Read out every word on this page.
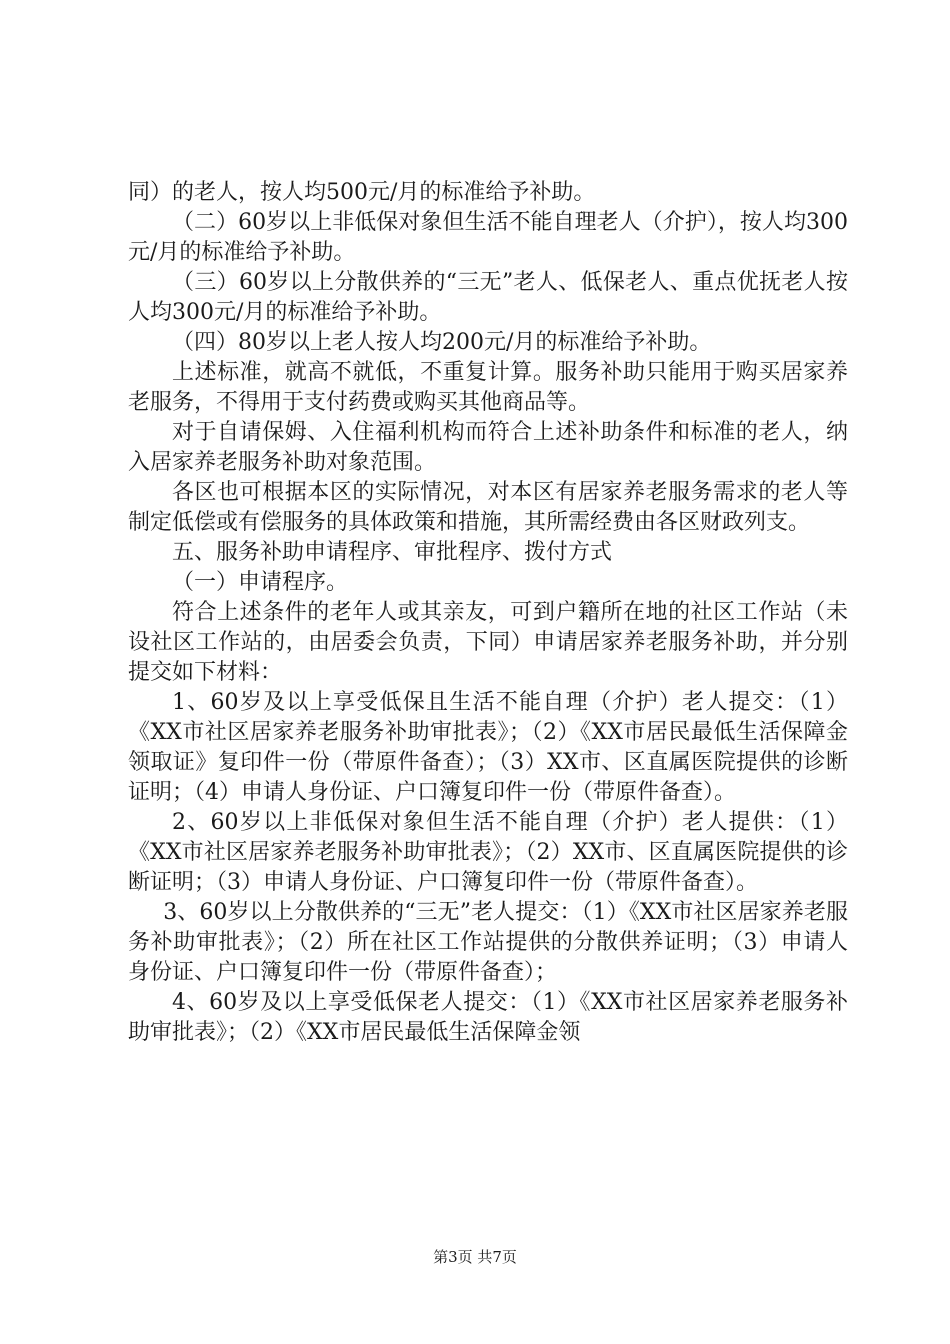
同）的老人，按人均500元/月的标准给予补助。

（二）60岁以上非低保对象但生活不能自理老人（介护），按人均300元/月的标准给予补助。

（三）60岁以上分散供养的“三无”老人、低保老人、重点优抚老人按人均300元/月的标准给予补助。

（四）80岁以上老人按人均200元/月的标准给予补助。

上述标准，就高不就低，不重复计算。服务补助只能用于购买居家养老服务，不得用于支付药费或购买其他商品等。

对于自请保姆、入住福利机构而符合上述补助条件和标准的老人，纳入居家养老服务补助对象范围。

各区也可根据本区的实际情况，对本区有居家养老服务需求的老人等制定低偿或有偿服务的具体政策和措施，其所需经费由各区财政列支。

五、服务补助申请程序、审批程序、拨付方式

（一）申请程序。

符合上述条件的老年人或其亲友，可到户籍所在地的社区工作站（未设社区工作站的，由居委会负责，下同）申请居家养老服务补助，并分别提交如下材料：

1、60岁及以上享受低保且生活不能自理（介护）老人提交：（1）《XX市社区居家养老服务补助审批表》；（2）《XX市居民最低生活保障金领取证》复印件一份（带原件备查）；（3）XX市、区直属医院提供的诊断证明；（4）申请人身份证、户口簿复印件一份（带原件备查）。

2、60岁以上非低保对象但生活不能自理（介护）老人提供：（1）《XX市社区居家养老服务补助审批表》；（2）XX市、区直属医院提供的诊断证明；（3）申请人身份证、户口簿复印件一份（带原件备查）。

3、60岁以上分散供养的“三无”老人提交：（1）《XX市社区居家养老服务补助审批表》；（2）所在社区工作站提供的分散供养证明；（3）申请人身份证、户口簿复印件一份（带原件备查）；

4、60岁及以上享受低保老人提交：（1）《XX市社区居家养老服务补助审批表》；（2）《XX市居民最低生活保障金领

第3页 共7页
